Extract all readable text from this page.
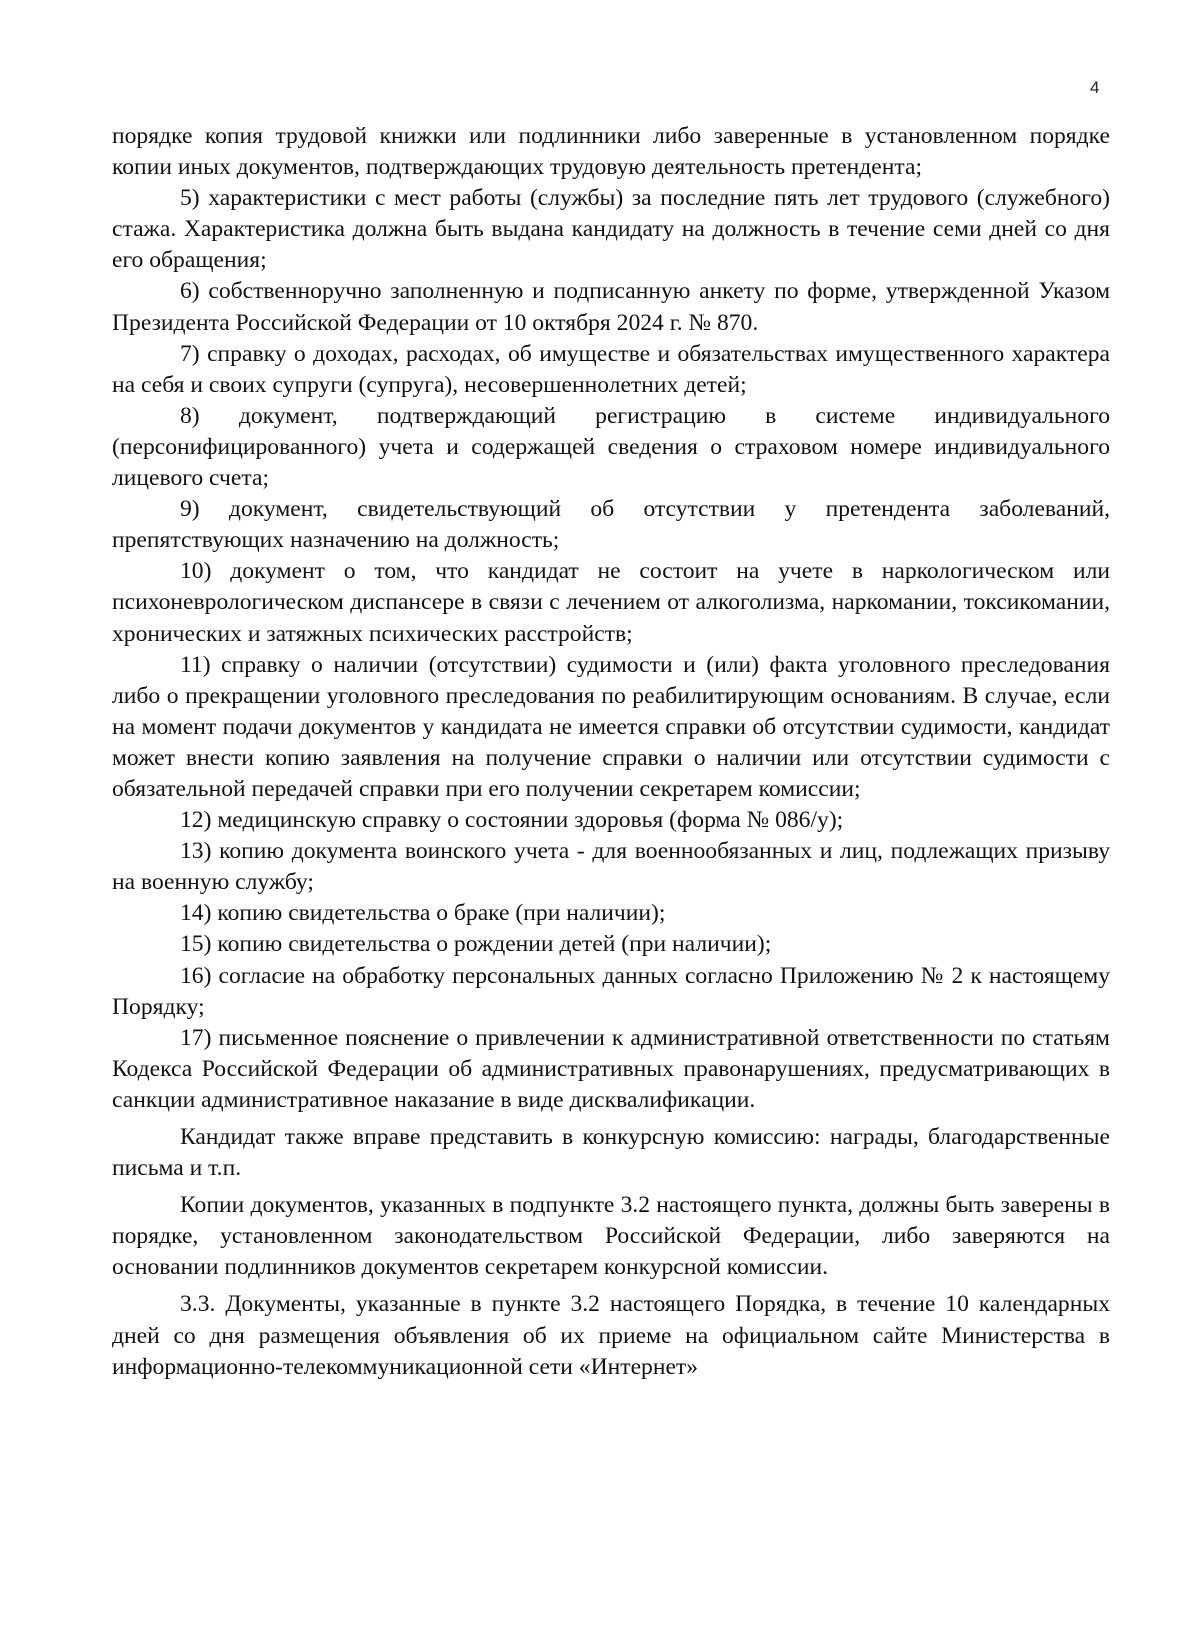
4

порядке копия трудовой книжки или подлинники либо заверенные в установленном порядке копии иных документов, подтверждающих трудовую деятельность претендента;

5) характеристики с мест работы (службы) за последние пять лет трудового (служебного) стажа. Характеристика должна быть выдана кандидату на должность в течение семи дней со дня его обращения;

6) собственноручно заполненную и подписанную анкету по форме, утвержденной Указом Президента Российской Федерации от 10 октября 2024 г. № 870.

7) справку о доходах, расходах, об имуществе и обязательствах имущественного характера на себя и своих супруги (супруга), несовершеннолетних детей;

8) документ, подтверждающий регистрацию в системе индивидуального (персонифицированного) учета и содержащей сведения о страховом номере индивидуального лицевого счета;

9) документ, свидетельствующий об отсутствии у претендента заболеваний, препятствующих назначению на должность;

10) документ о том, что кандидат не состоит на учете в наркологическом или психоневрологическом диспансере в связи с лечением от алкоголизма, наркомании, токсикомании, хронических и затяжных психических расстройств;

11) справку о наличии (отсутствии) судимости и (или) факта уголовного преследования либо о прекращении уголовного преследования по реабилитирующим основаниям. В случае, если на момент подачи документов у кандидата не имеется справки об отсутствии судимости, кандидат может внести копию заявления на получение справки о наличии или отсутствии судимости с обязательной передачей справки при его получении секретарем комиссии;

12) медицинскую справку о состоянии здоровья (форма № 086/у);

13) копию документа воинского учета - для военнообязанных и лиц, подлежащих призыву на военную службу;

14) копию свидетельства о браке (при наличии);

15) копию свидетельства о рождении детей (при наличии);

16) согласие на обработку персональных данных согласно Приложению № 2 к настоящему Порядку;

17) письменное пояснение о привлечении к административной ответственности по статьям Кодекса Российской Федерации об административных правонарушениях, предусматривающих в санкции административное наказание в виде дисквалификации.

Кандидат также вправе представить в конкурсную комиссию: награды, благодарственные письма и т.п.

Копии документов, указанных в подпункте 3.2 настоящего пункта, должны быть заверены в порядке, установленном законодательством Российской Федерации, либо заверяются на основании подлинников документов секретарем конкурсной комиссии.

3.3. Документы, указанные в пункте 3.2 настоящего Порядка, в течение 10 календарных дней со дня размещения объявления об их приеме на официальном сайте Министерства в информационно-телекоммуникационной сети «Интернет»
